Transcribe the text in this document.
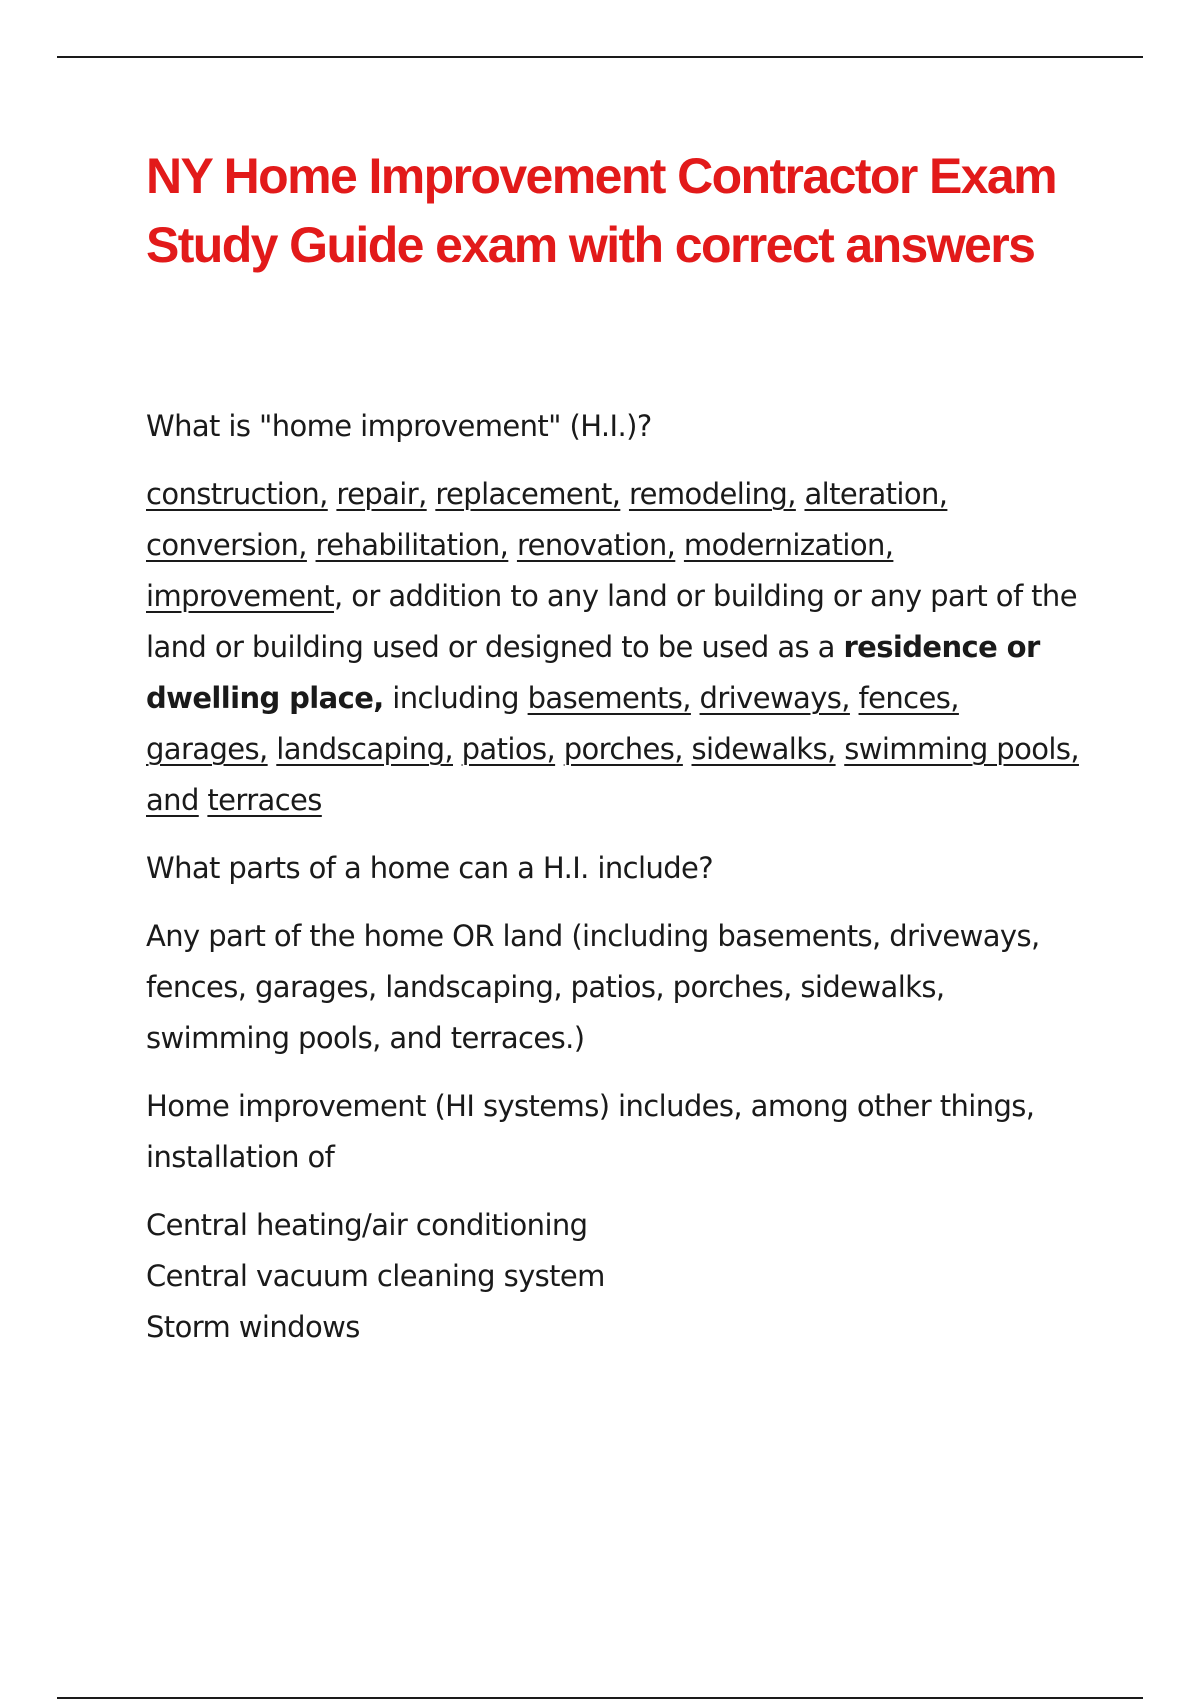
NY Home Improvement Contractor Exam Study Guide exam with correct answers

What is "home improvement" (H.I.)?

construction, repair, replacement, remodeling, alteration, conversion, rehabilitation, renovation, modernization, improvement, or addition to any land or building or any part of the land or building used or designed to be used as a residence or dwelling place, including basements, driveways, fences, garages, landscaping, patios, porches, sidewalks, swimming pools, and terraces

What parts of a home can a H.I. include?

Any part of the home OR land (including basements, driveways, fences, garages, landscaping, patios, porches, sidewalks, swimming pools, and terraces.)

Home improvement (HI systems) includes, among other things, installation of

Central heating/air conditioning
Central vacuum cleaning system
Storm windows
